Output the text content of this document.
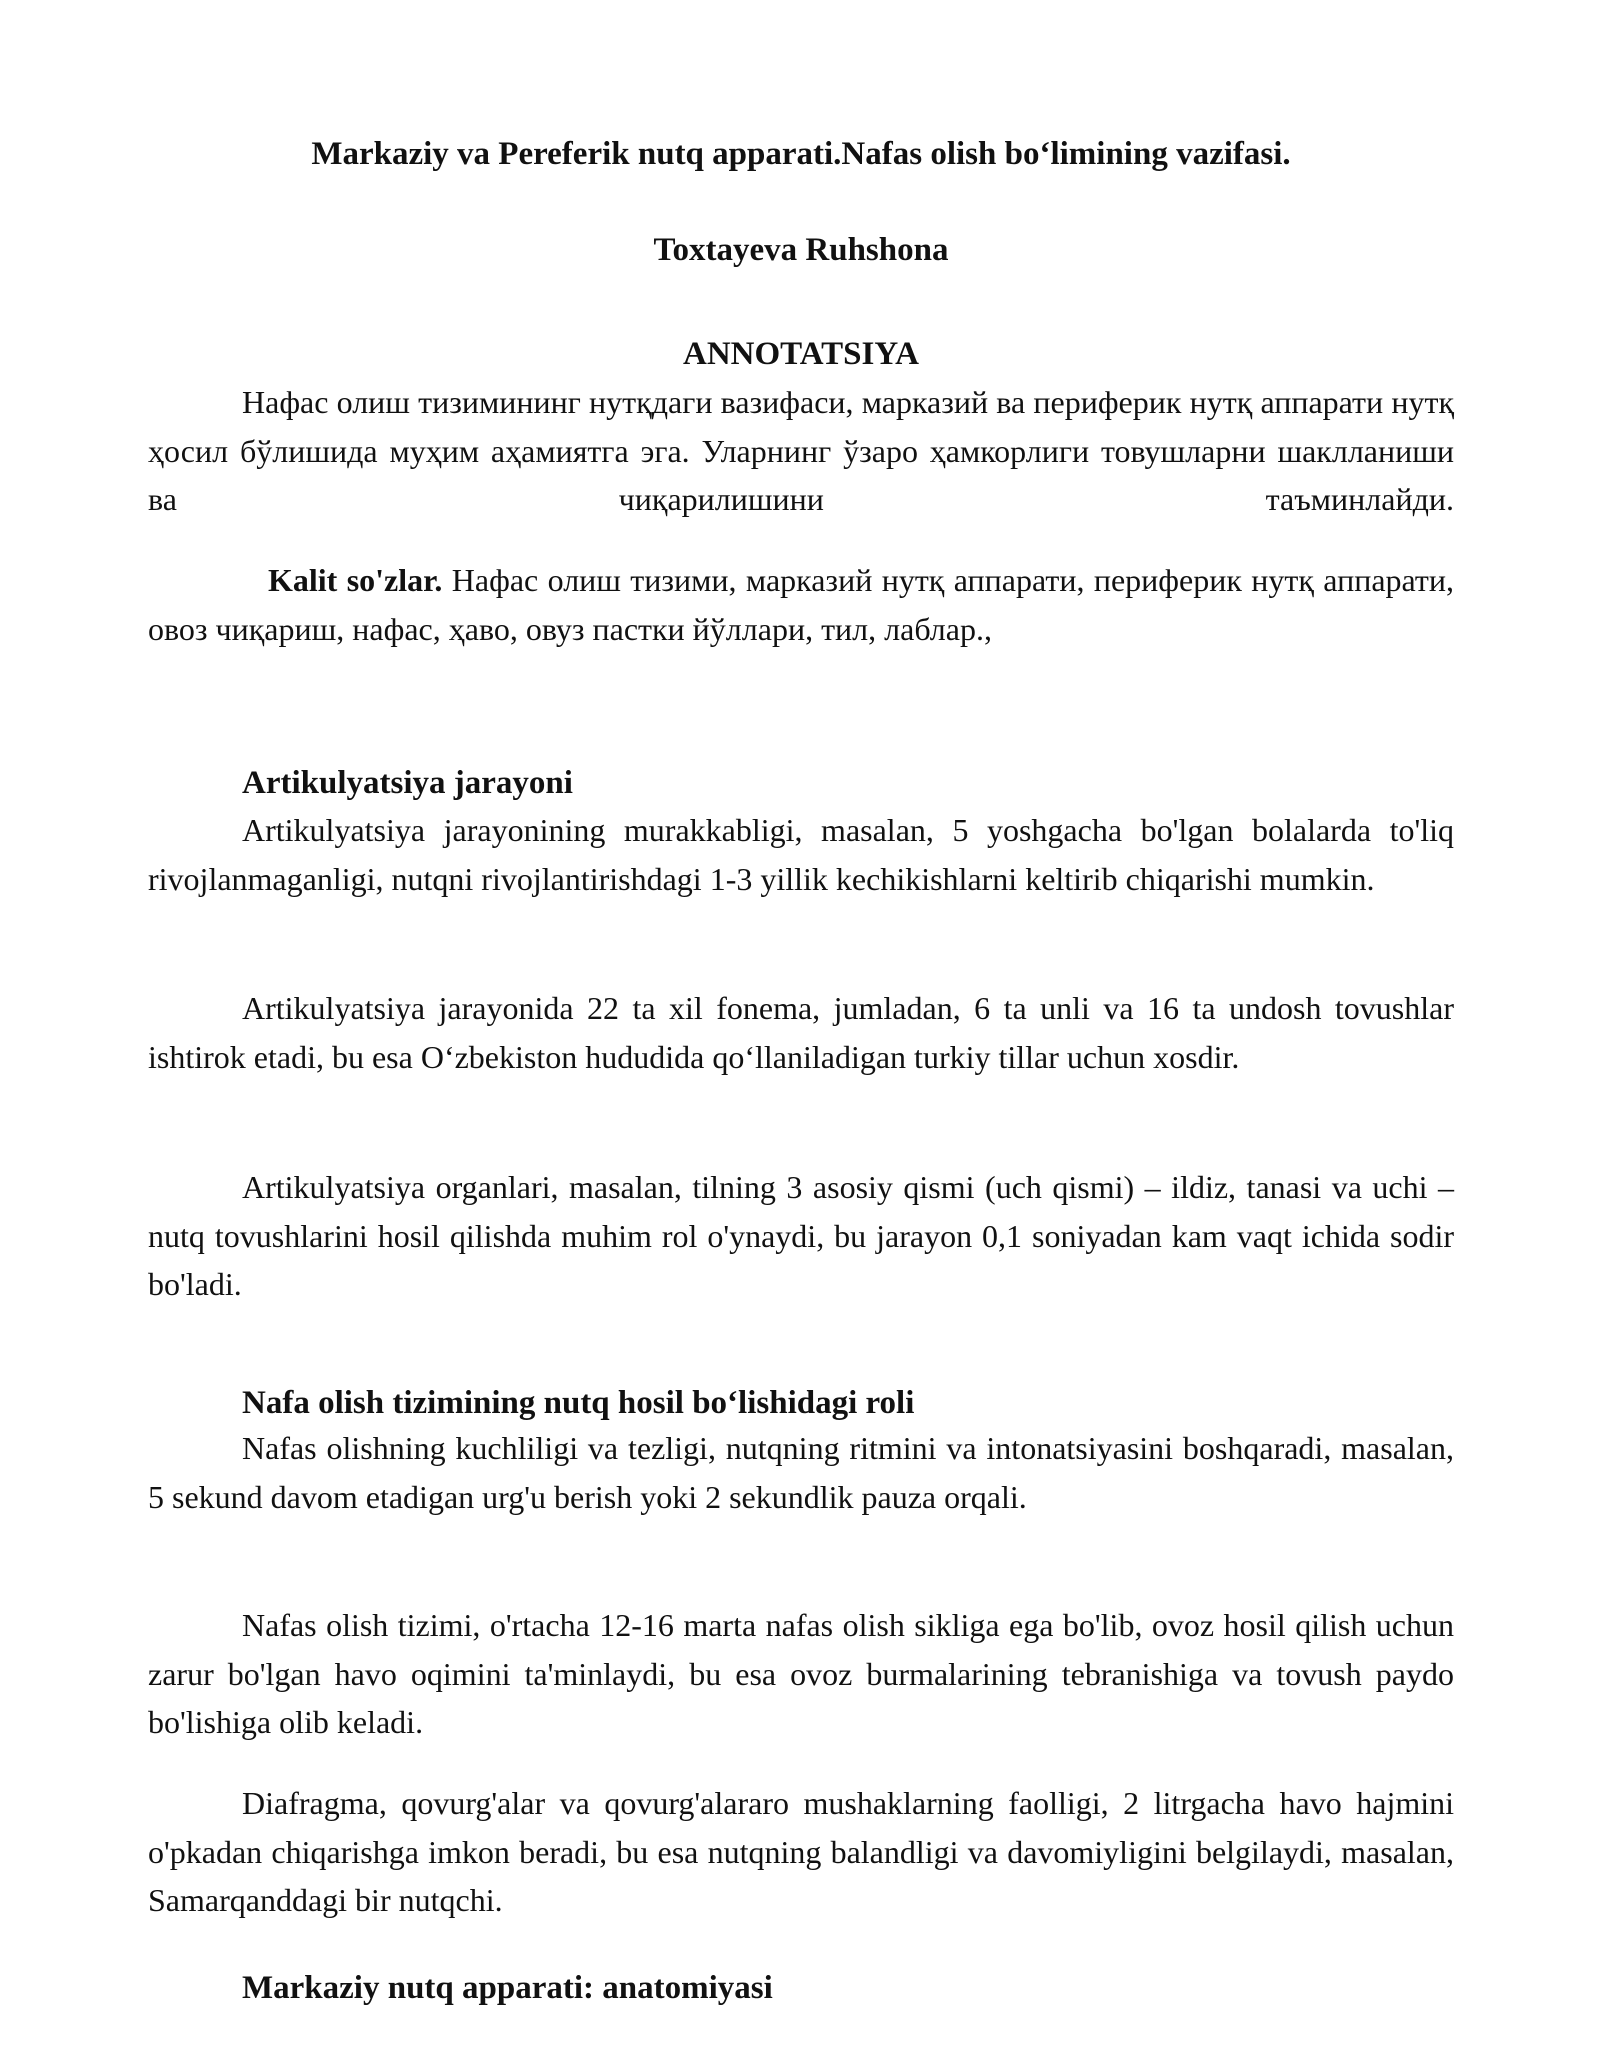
Markaziy va Pereferik nutq apparati.Nafas olish bo‘limining vazifasi.
Toxtayeva Ruhshona
ANNOTATSIYA

Нафас олиш тизимининг нутқдаги вазифаси, марказий ва периферик нутқ аппарати нутқ ҳосил бўлишида муҳим аҳамиятга эга. Уларнинг ўзаро ҳамкорлиги товушларни шаклланиши ва чиқарилишини таъминлайди.

Kalit so'zlar. Нафас олиш тизими, марказий нутқ аппарати, периферик нутқ аппарати, овоз чиқариш, нафас, ҳаво, овуз пастки йўллари, тил, лаблар.,

Artikulyatsiya jarayoni

Artikulyatsiya jarayonining murakkabligi, masalan, 5 yoshgacha bo'lgan bolalarda to'liq rivojlanmaganligi, nutqni rivojlantirishdagi 1-3 yillik kechikishlarni keltirib chiqarishi mumkin.

Artikulyatsiya jarayonida 22 ta xil fonema, jumladan, 6 ta unli va 16 ta undosh tovushlar ishtirok etadi, bu esa O‘zbekiston hududida qo‘llaniladigan turkiy tillar uchun xosdir.

Artikulyatsiya organlari, masalan, tilning 3 asosiy qismi (uch qismi) – ildiz, tanasi va uchi – nutq tovushlarini hosil qilishda muhim rol o'ynaydi, bu jarayon 0,1 soniyadan kam vaqt ichida sodir bo'ladi.

Nafa olish tizimining nutq hosil bo‘lishidagi roli

Nafas olishning kuchliligi va tezligi, nutqning ritmini va intonatsiyasini boshqaradi, masalan, 5 sekund davom etadigan urg'u berish yoki 2 sekundlik pauza orqali.

Nafas olish tizimi, o'rtacha 12-16 marta nafas olish sikliga ega bo'lib, ovoz hosil qilish uchun zarur bo'lgan havo oqimini ta'minlaydi, bu esa ovoz burmalarining tebranishiga va tovush paydo bo'lishiga olib keladi.

Diafragma, qovurg'alar va qovurg'alararo mushaklarning faolligi, 2 litrgacha havo hajmini o'pkadan chiqarishga imkon beradi, bu esa nutqning balandligi va davomiyligini belgilaydi, masalan, Samarqanddagi bir nutqchi.

Markaziy nutq apparati: anatomiyasi
